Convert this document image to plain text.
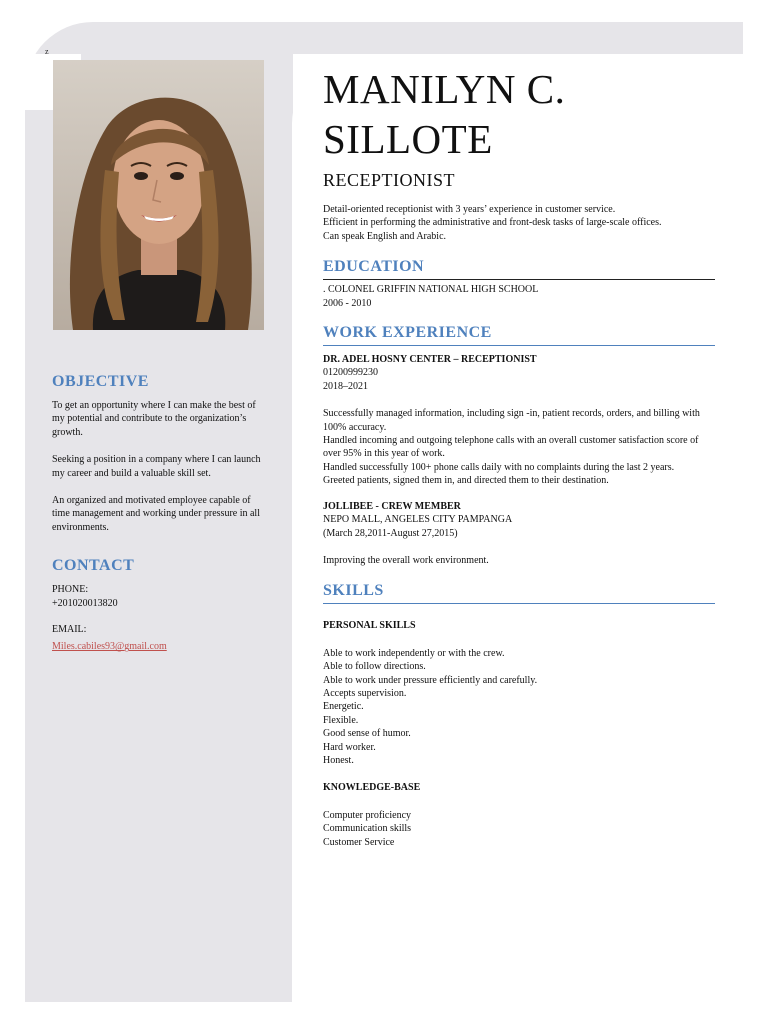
z
OBJECTIVE

To get an opportunity where I can make the best of my potential and contribute to the organization’s growth.

Seeking a position in a company where I can launch my career and build a valuable skill set.

An organized and motivated employee capable of time management and working under pressure in all environments.

CONTACT
PHONE:
+201020013820
EMAIL:
Miles.cabiles93@gmail.com
MANILYN C.
SILLOTE
RECEPTIONIST
Detail-oriented receptionist with 3 years’ experience in customer service.
Efficient in performing the administrative and front-desk tasks of large-scale offices.
Can speak English and Arabic.
EDUCATION
. COLONEL GRIFFIN NATIONAL HIGH SCHOOL
2006 - 2010
WORK EXPERIENCE
DR. ADEL HOSNY CENTER – RECEPTIONIST
01200999230
2018–2021
Successfully managed information, including sign -in, patient records, orders, and billing with 100% accuracy.
Handled incoming and outgoing telephone calls with an overall customer satisfaction score of over 95% in this year of work.
Handled successfully 100+ phone calls daily with no complaints during the last 2 years.
Greeted patients, signed them in, and directed them to their destination.
JOLLIBEE - CREW MEMBER
NEPO MALL, ANGELES CITY PAMPANGA
(March 28,2011-August 27,2015)
Improving the overall work environment.
SKILLS
PERSONAL SKILLS
Able to work independently or with the crew.
Able to follow directions.
Able to work under pressure efficiently and carefully.
Accepts supervision.
Energetic.
Flexible.
Good sense of humor.
Hard worker.
Honest.
KNOWLEDGE-BASE
Computer proficiency
Communication skills
Customer Service
